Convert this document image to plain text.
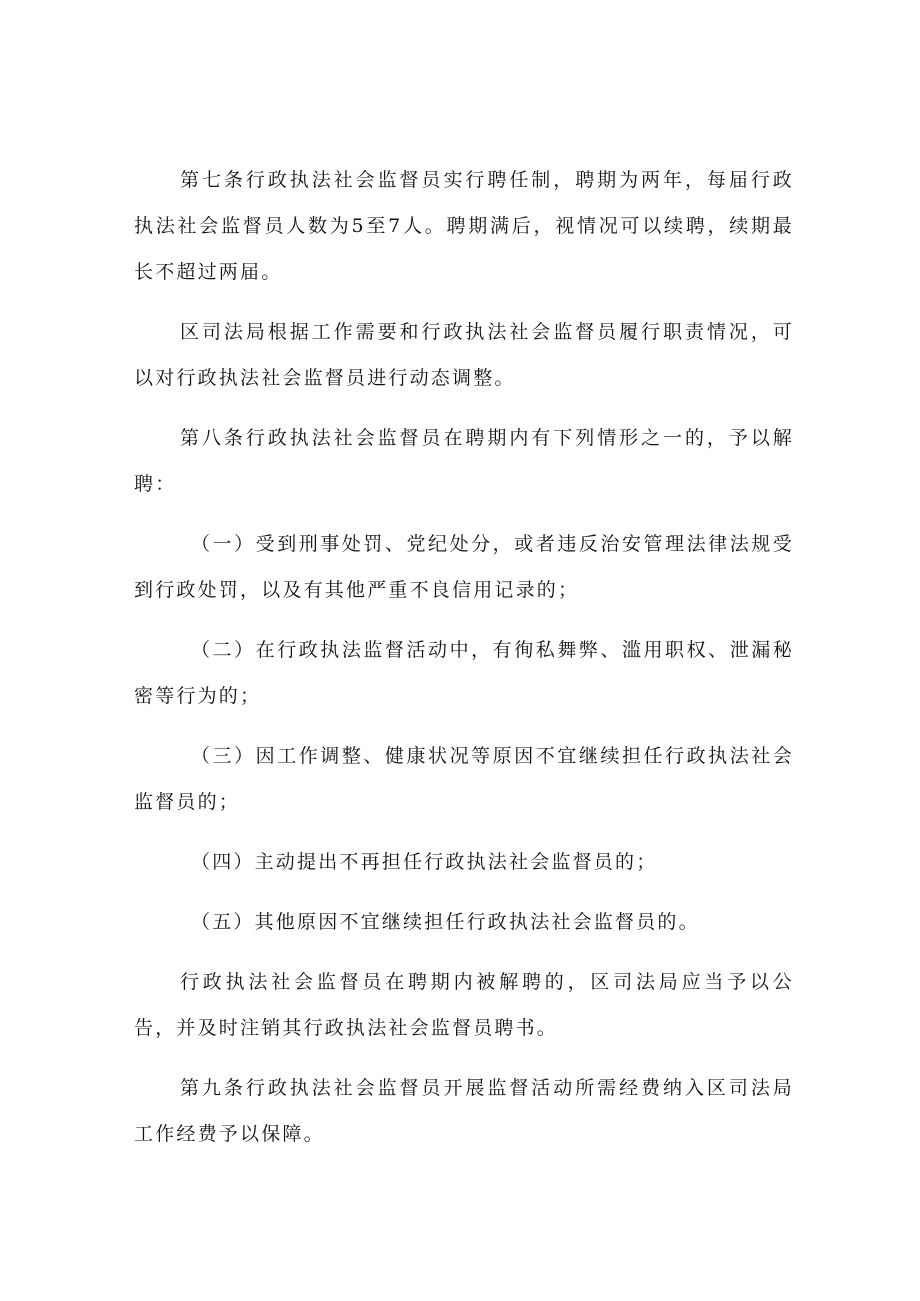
第七条行政执法社会监督员实行聘任制，聘期为两年，每届行政执法社会监督员人数为5至7人。聘期满后，视情况可以续聘，续期最长不超过两届。

区司法局根据工作需要和行政执法社会监督员履行职责情况，可以对行政执法社会监督员进行动态调整。

第八条行政执法社会监督员在聘期内有下列情形之一的，予以解聘：

（一）受到刑事处罚、党纪处分，或者违反治安管理法律法规受到行政处罚，以及有其他严重不良信用记录的；

（二）在行政执法监督活动中，有徇私舞弊、滥用职权、泄漏秘密等行为的；

（三）因工作调整、健康状况等原因不宜继续担任行政执法社会监督员的；

（四）主动提出不再担任行政执法社会监督员的；

（五）其他原因不宜继续担任行政执法社会监督员的。

行政执法社会监督员在聘期内被解聘的，区司法局应当予以公告，并及时注销其行政执法社会监督员聘书。

第九条行政执法社会监督员开展监督活动所需经费纳入区司法局工作经费予以保障。
